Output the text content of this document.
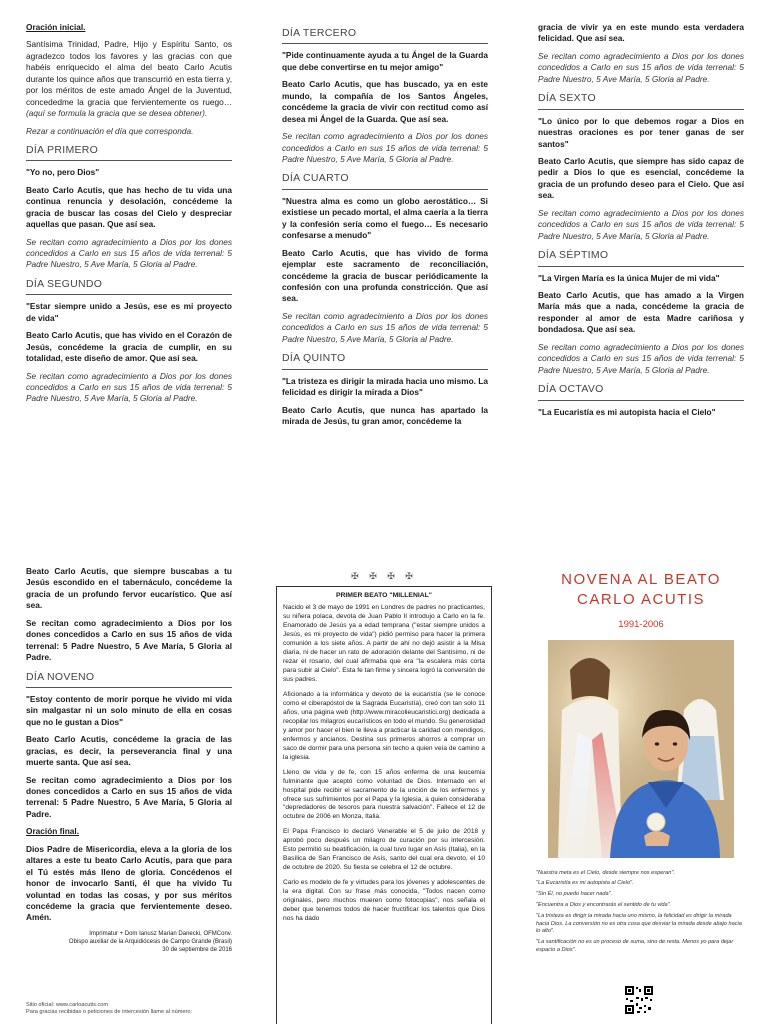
Oración inicial.

Santísima Trinidad, Padre, Hijo y Espíritu Santo, os agradezco todos los favores y las gracias con que habéis enriquecido el alma del beato Carlo Acutis durante los quince años que transcurrió en esta tierra y, por los méritos de este amado Ángel de la Juventud, concededme la gracia que fervientemente os ruego… (aquí se formula la gracia que se desea obtener).

Rezar a continuación el día que corresponda.

DÍA PRIMERO

"Yo no, pero Dios"

Beato Carlo Acutis, que has hecho de tu vida una continua renuncia y desolación, concédeme la gracia de buscar las cosas del Cielo y despreciar aquellas que pasan. Que así sea.

Se recitan como agradecimiento a Dios por los dones concedidos a Carlo en sus 15 años de vida terrenal: 5 Padre Nuestro, 5 Ave María, 5 Gloria al Padre.

DÍA SEGUNDO

"Estar siempre unido a Jesús, ese es mi proyecto de vida"

Beato Carlo Acutis, que has vivido en el Corazón de Jesús, concédeme la gracia de cumplir, en su totalidad, este diseño de amor. Que así sea.

Se recitan como agradecimiento a Dios por los dones concedidos a Carlo en sus 15 años de vida terrenal: 5 Padre Nuestro, 5 Ave María, 5 Gloria al Padre.

DÍA TERCERO

"Pide continuamente ayuda a tu Ángel de la Guarda que debe convertirse en tu mejor amigo"

Beato Carlo Acutis, que has buscado, ya en este mundo, la compañía de los Santos Ángeles, concédeme la gracia de vivir con rectitud como así desea mi Ángel de la Guarda. Que así sea.

Se recitan como agradecimiento a Dios por los dones concedidos a Carlo en sus 15 años de vida terrenal: 5 Padre Nuestro, 5 Ave María, 5 Gloria al Padre.

DÍA CUARTO

"Nuestra alma es como un globo aerostático… Si existiese un pecado mortal, el alma caería a la tierra y la confesión sería como el fuego… Es necesario confesarse a menudo"

Beato Carlo Acutis, que has vivido de forma ejemplar este sacramento de reconciliación, concédeme la gracia de buscar periódicamente la confesión con una profunda constricción. Que así sea.

Se recitan como agradecimiento a Dios por los dones concedidos a Carlo en sus 15 años de vida terrenal: 5 Padre Nuestro, 5 Ave María, 5 Gloria al Padre.

DÍA QUINTO

"La tristeza es dirigir la mirada hacia uno mismo. La felicidad es dirigir la mirada a Dios"

Beato Carlo Acutis, que nunca has apartado la mirada de Jesús, tu gran amor, concédeme la

gracia de vivir ya en este mundo esta verdadera felicidad. Que así sea.

Se recitan como agradecimiento a Dios por los dones concedidos a Carlo en sus 15 años de vida terrenal: 5 Padre Nuestro, 5 Ave María, 5 Gloria al Padre.

DÍA SEXTO

"Lo único por lo que debemos rogar a Dios en nuestras oraciones es por tener ganas de ser santos"

Beato Carlo Acutis, que siempre has sido capaz de pedir a Dios lo que es esencial, concédeme la gracia de un profundo deseo para el Cielo. Que así sea.

Se recitan como agradecimiento a Dios por los dones concedidos a Carlo en sus 15 años de vida terrenal: 5 Padre Nuestro, 5 Ave María, 5 Gloria al Padre.

DÍA SÉPTIMO

"La Virgen María es la única Mujer de mi vida"

Beato Carlo Acutis, que has amado a la Virgen María más que a nada, concédeme la gracia de responder al amor de esta Madre cariñosa y bondadosa. Que así sea.

Se recitan como agradecimiento a Dios por los dones concedidos a Carlo en sus 15 años de vida terrenal: 5 Padre Nuestro, 5 Ave María, 5 Gloria al Padre.

DÍA OCTAVO

"La Eucaristía es mi autopista hacia el Cielo"

Beato Carlo Acutis, que siempre buscabas a tu Jesús escondido en el tabernáculo, concédeme la gracia de un profundo fervor eucarístico. Que así sea.

Se recitan como agradecimiento a Dios por los dones concedidos a Carlo en sus 15 años de vida terrenal: 5 Padre Nuestro, 5 Ave María, 5 Gloria al Padre.

DÍA NOVENO

"Estoy contento de morir porque he vivido mi vida sin malgastar ni un solo minuto de ella en cosas que no le gustan a Dios"

Beato Carlo Acutis, concédeme la gracia de las gracias, es decir, la perseverancia final y una muerte santa. Que así sea.

Se recitan como agradecimiento a Dios por los dones concedidos a Carlo en sus 15 años de vida terrenal: 5 Padre Nuestro, 5 Ave María, 5 Gloria al Padre.

Oración final.

Dios Padre de Misericordia, eleva a la gloria de los altares a este tu beato Carlo Acutis, para que para el Tú estés más lleno de gloria. Concédenos el honor de invocarlo Santi, él que ha vivido Tu voluntad en todas las cosas, y por sus méritos concédeme la gracia que fervientemente deseo. Amén.

Imprimatur + Dom Ianusz Marian Danecki, OFMConv.
Obispo auxiliar de la Arquidiócesis de Campo Grande (Brasil)
30 de septiembre de 2016
Sitio oficial: www.carloacutis.com
Para gracias recibidas o peticiones de intercesión llame al número:
✠ ✠ ✠ ✠
PRIMER BEATO "MILLENIAL"

Nacido el 3 de mayo de 1991 en Londres de padres no practicantes, su niñera polaca, devota de Juan Pablo II introdujo a Carlo en la fe. Enamorado de Jesús ya a edad temprana ("estar siempre unidos a Jesús, es mi proyecto de vida") pidió permiso para hacer la primera comunión a los siete años. A partir de ahí no dejó asistir a la Misa diaria, ni de hacer un rato de adoración delante del Santísimo, ni de rezar el rosario, del cual afirmaba que era "la escalera más corta para subir al Cielo". Esta fe tan firme y sincera logró la conversión de sus padres.

Aficionado a la informática y devoto de la eucaristía (se le conoce como el ciberapóstol de la Sagrada Eucaristía), creó con tan solo 11 años, una página web (http://www.miracolieucaristici.org) dedicada a recopilar los milagros eucarísticos en todo el mundo. Su generosidad y amor por hacer el bien le lleva a practicar la caridad con mendigos, enfermos y ancianos. Destina sus primeros ahorros a comprar un saco de dormir para una persona sin techo a quien veía de camino a la iglesia.

Lleno de vida y de fe, con 15 años enferma de una leucemia fulminante que aceptó como voluntad de Dios. Internado en el hospital pide recibir el sacramento de la unción de los enfermos y ofrece sus sufrimientos por el Papa y la Iglesia, a quien consideraba "depredadores de tesoros para nuestra salvación". Fallece el 12 de octubre de 2006 en Monza, Italia.

El Papa Francisco lo declaró Venerable el 5 de julio de 2018 y aprobó poco después un milagro de curación por su intercesión. Esto permitió su beatificación, la cual tuvo lugar en Asís (Italia), en la Basílica de San Francisco de Asís, santo del cual era devoto, el 10 de octubre de 2020. Su fiesta se celebra el 12 de octubre.

Carlo es modelo de fe y virtudes para los jóvenes y adolescentes de la era digital. Con su frase más conocida, "Todos nacen como originales, pero muchos mueren como fotocopias", nos señala el deber que tenemos todos de hacer fructificar los talentos que Dios nos ha dado

NOVENA AL BEATO
CARLO ACUTIS
1991-2006

"Nuestra meta es el Cielo, desde siempre nos esperan".

"La Eucaristía es mi autopista al Cielo".

"Sin Él, no puedo hacer nada".

"Encuentra a Dios y encontrarás el sentido de tu vida".

"La tristeza es dirigir la mirada hacia uno mismo, la felicidad es dirigir la mirada hacia Dios. La conversión no es otra cosa que desviar la mirada desde abajo hacia lo alto".

"La santificación no es un proceso de suma, sino de resta. Menos yo para dejar espacio a Dios".
